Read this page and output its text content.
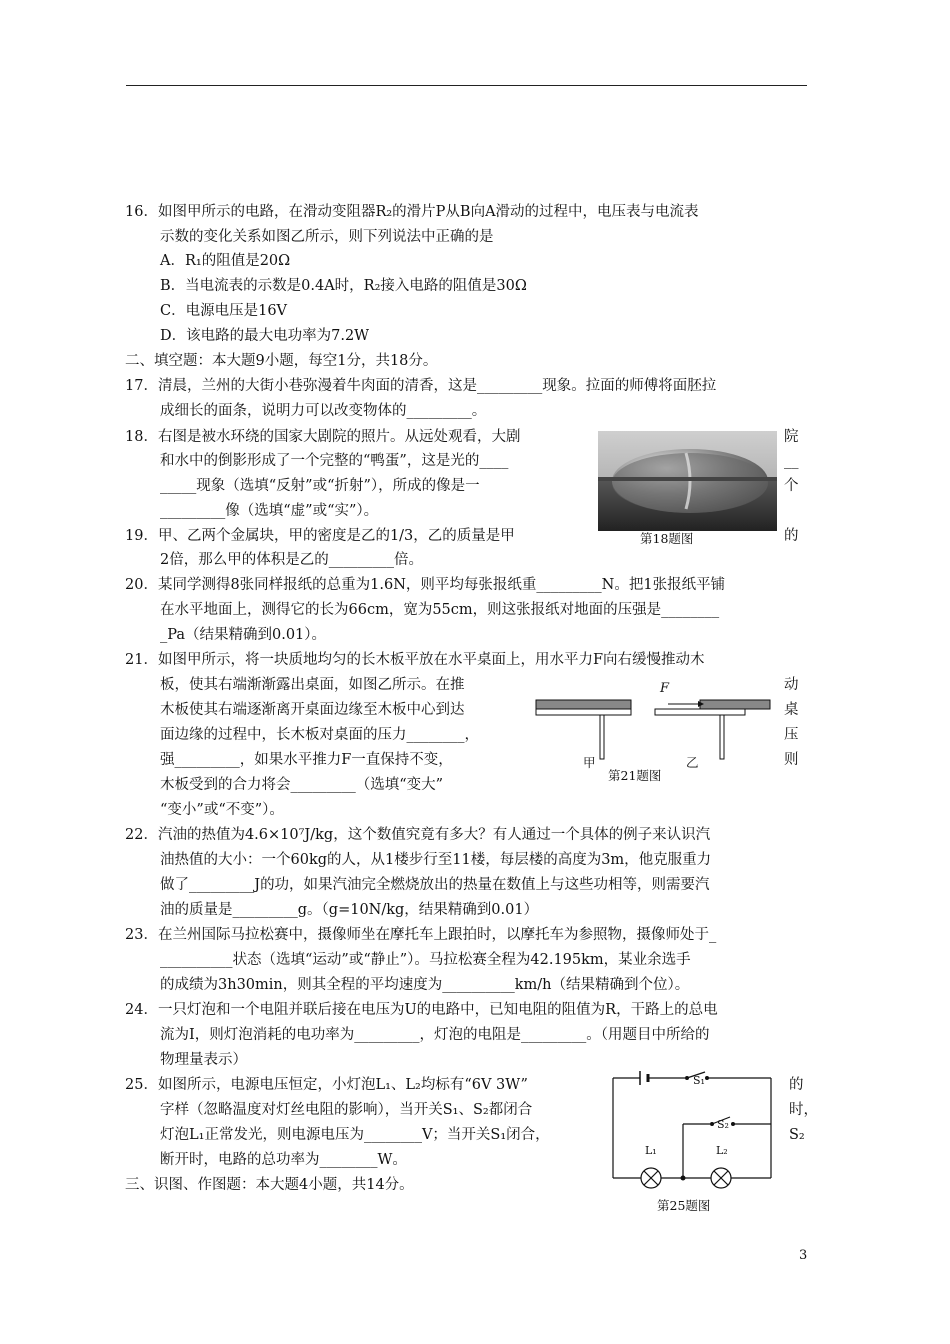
16．如图甲所示的电路，在滑动变阻器R₂的滑片P从B向A滑动的过程中，电压表与电流表
示数的变化关系如图乙所示，则下列说法中正确的是
A．R₁的阻值是20Ω
B．当电流表的示数是0.4A时，R₂接入电路的阻值是30Ω
C．电源电压是16V
D．该电路的最大电功率为7.2W
二、填空题：本大题9小题，每空1分，共18分。
17．清晨，兰州的大街小巷弥漫着牛肉面的清香，这是_________现象。拉面的师傅将面胚拉
成细长的面条，说明力可以改变物体的_________。
18．右图是被水环绕的国家大剧院的照片。从远处观看，大剧	院
和水中的倒影形成了一个完整的“鸭蛋”，这是光的____	__
_____现象（选填“反射”或“折射”），所成的像是一	个
_________像（选填“虚”或“实”）。
第18题图
19．甲、乙两个金属块，甲的密度是乙的1/3，乙的质量是甲	的
2倍，那么甲的体积是乙的_________倍。
20．某同学测得8张同样报纸的总重为1.6N，则平均每张报纸重_________N。把1张报纸平铺
在水平地面上，测得它的长为66cm，宽为55cm，则这张报纸对地面的压强是________
_Pa（结果精确到0.01）。
21．如图甲所示，将一块质地均匀的长木板平放在水平桌面上，用水平力F向右缓慢推动木
板，使其右端渐渐露出桌面，如图乙所示。在推	动
木板使其右端逐渐离开桌面边缘至木板中心到达	桌
面边缘的过程中，长木板对桌面的压力________，	压
强_________，如果水平推力F一直保持不变，	则
木板受到的合力将会_________（选填“变大”
“变小”或“不变”）。
F
甲	乙
第21题图
22．汽油的热值为4.6×10⁷J/kg，这个数值究竟有多大？有人通过一个具体的例子来认识汽
油热值的大小：一个60kg的人，从1楼步行至11楼，每层楼的高度为3m，他克服重力
做了_________J的功，如果汽油完全燃烧放出的热量在数值上与这些功相等，则需要汽
油的质量是_________g。（g=10N/kg，结果精确到0.01）
23．在兰州国际马拉松赛中，摄像师坐在摩托车上跟拍时，以摩托车为参照物，摄像师处于_
__________状态（选填“运动”或“静止”）。马拉松赛全程为42.195km，某业余选手
的成绩为3h30min，则其全程的平均速度为__________km/h（结果精确到个位）。
24．一只灯泡和一个电阻并联后接在电压为U的电路中，已知电阻的阻值为R，干路上的总电
流为I，则灯泡消耗的电功率为_________，灯泡的电阻是_________。（用题目中所给的
物理量表示）
25．如图所示，电源电压恒定，小灯泡L₁、L₂均标有“6V 3W”	的
字样（忽略温度对灯丝电阻的影响），当开关S₁、S₂都闭合	时，
灯泡L₁正常发光，则电源电压为________V；当开关S₁闭合，	S₂
断开时，电路的总功率为________W。
S₁
S₂
L₁	L₂
第25题图
三、识图、作图题：本大题4小题，共14分。
3
